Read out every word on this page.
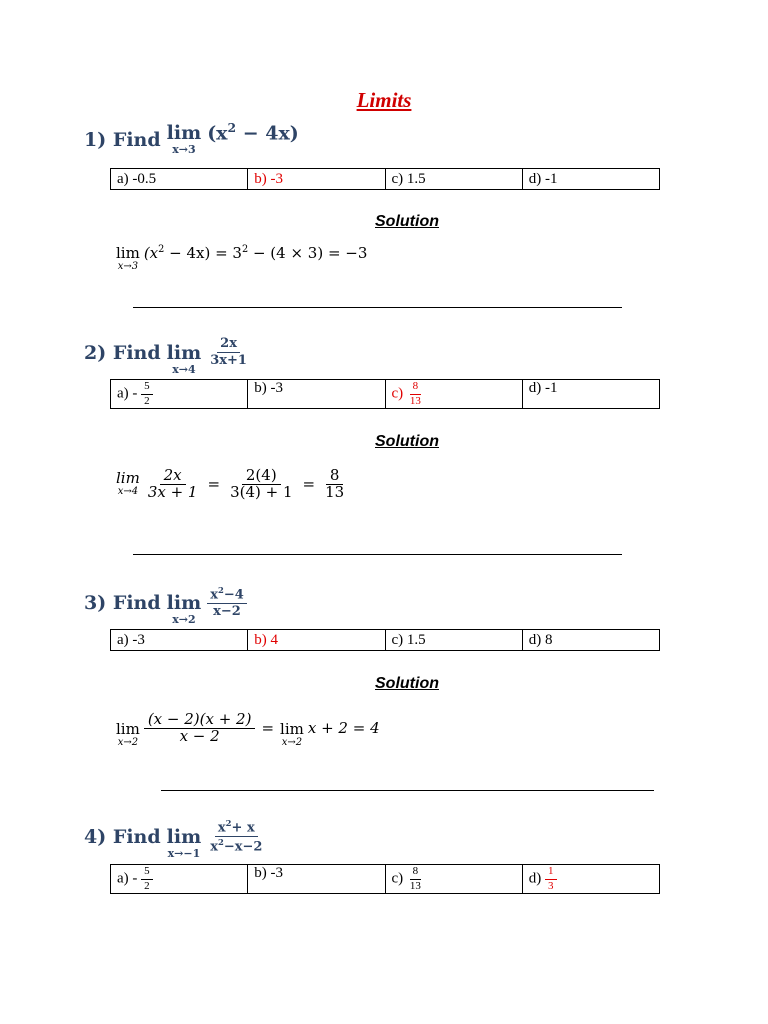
Limits
1) Find lim
x→3
$(x^2 - 4x)$
a) -0.5	b) -3	c) 1.5	d) -1
Solution
lim
x→3
$(x^2 - 4x) = 3^2 - (4 \times 3) = -3$
2) Find lim
x→4
$\frac{2x}{3x+1}$
$a) - \frac{5}{2}$	b) -3	$c) \frac{8}{13}$	d) -1
Solution
lim
$x\to 4 \frac{2x}{3x + 1} = \frac{2(4)}{3(4) + 1} = \frac{8}{13}$
3) Find lim
x→2
$\frac{x^2-4}{x-2}$
a) -3	b) 4	c) 1.5	d) 8
Solution
lim
$x\to 2 \frac{(x - 2)(x + 2)}{x - 2} = \lim$
x→2
x + 2 = 4
4) Find lim
$x\to-1 \frac{x^2+ x}{x^2-x-2}$
$a) - \frac{5}{2}$	b) -3	$c) \frac{8}{13}$	$d) \frac{1}{3}$
